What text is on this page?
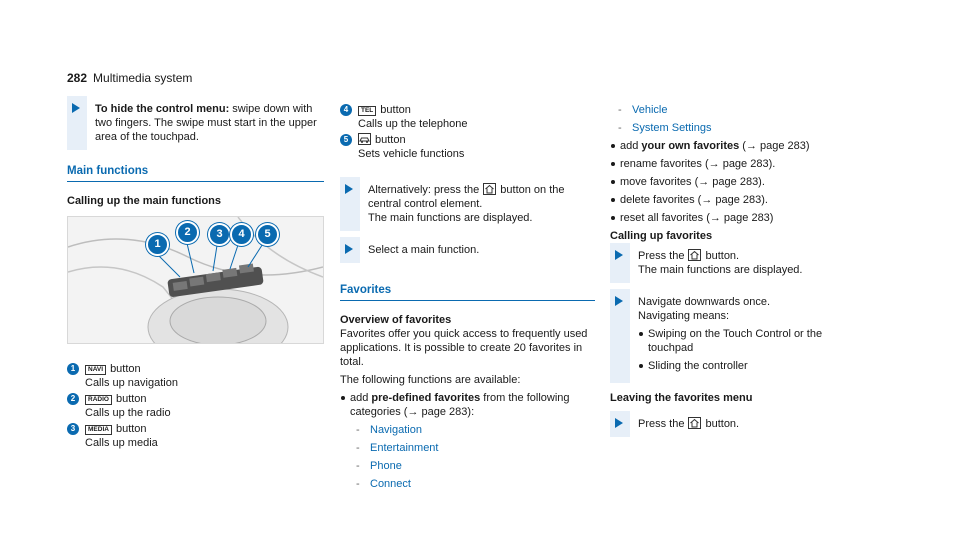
282 Multimedia system
To hide the control menu: swipe down with two fingers. The swipe must start in the upper area of the touchpad.
Main functions
Calling up the main functions
1
2	3	4	5
1	NAVI button
Calls up navigation
2	RADIO button
Calls up the radio
3	MEDIA button
Calls up media
4	TEL button
Calls up the telephone
5	button
Sets vehicle functions
Alternatively: press the button on the central control element.
The main functions are displayed.
Select a main function.
Favorites
Overview of favorites
Favorites offer you quick access to frequently used applications. It is possible to create 20 favorites in total.
The following functions are available:
add pre-defined favorites from the following categories (→ page 283):
- Navigation
- Entertainment
- Phone
- Connect
- Vehicle
- System Settings
add your own favorites (→ page 283)
rename favorites (→ page 283).
move favorites (→ page 283).
delete favorites (→ page 283).
reset all favorites (→ page 283)
Calling up favorites
Press the button.
The main functions are displayed.
Navigate downwards once.
Navigating means:
Swiping on the Touch Control or the touchpad
Sliding the controller
Leaving the favorites menu
Press the button.
